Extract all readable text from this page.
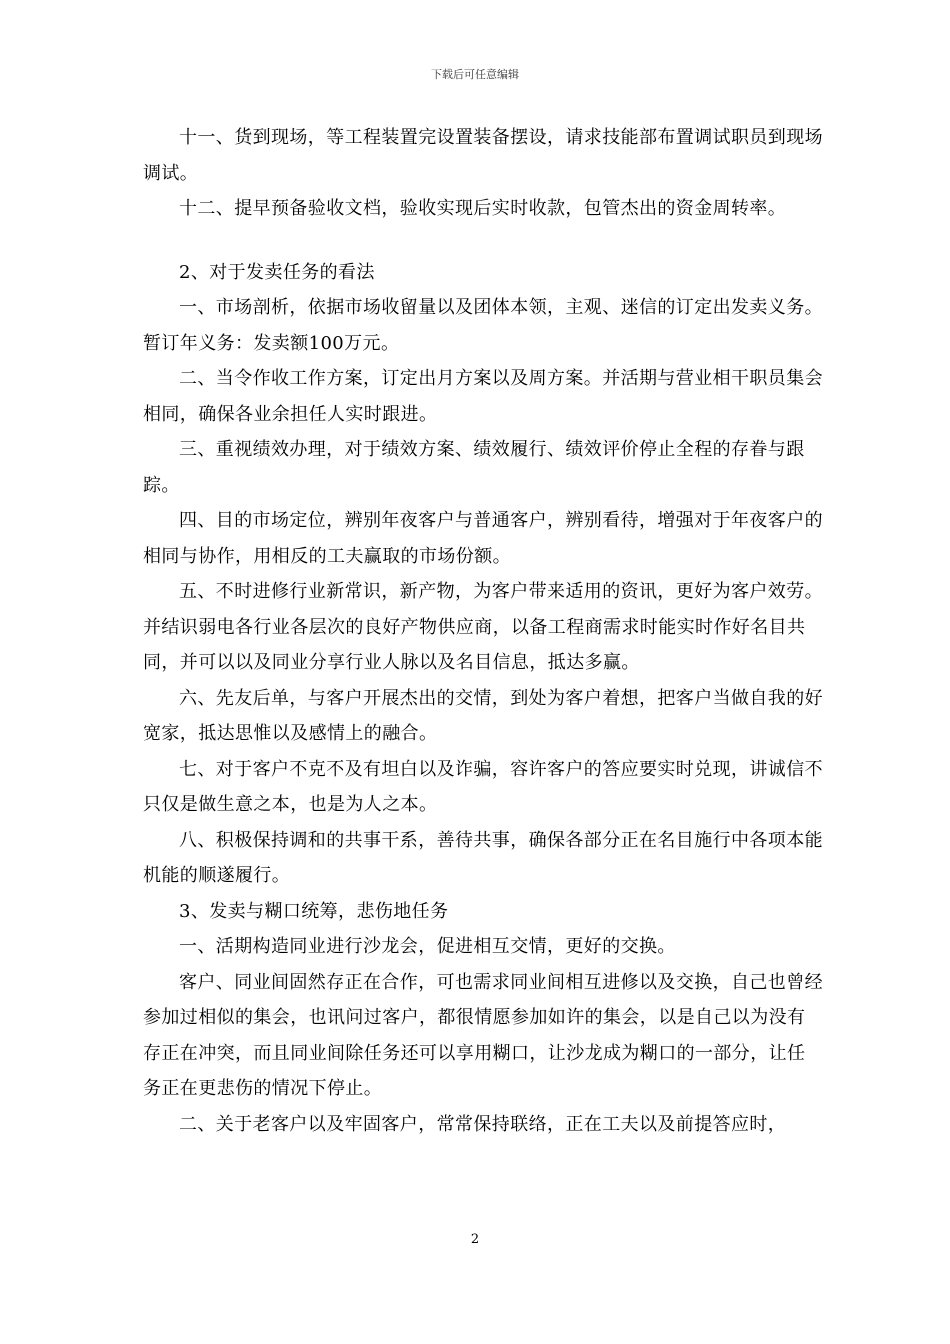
下载后可任意编辑

十一、货到现场，等工程装置完设置装备摆设，请求技能部布置调试职员到现场调试。

十二、提早预备验收文档，验收实现后实时收款，包管杰出的资金周转率。

2、对于发卖任务的看法

一、市场剖析，依据市场收留量以及团体本领，主观、迷信的订定出发卖义务。暂订年义务：发卖额100万元。

二、当令作收工作方案，订定出月方案以及周方案。并活期与营业相干职员集会相同，确保各业余担任人实时跟进。

三、重视绩效办理，对于绩效方案、绩效履行、绩效评价停止全程的存眷与跟踪。

四、目的市场定位，辨别年夜客户与普通客户，辨别看待，增强对于年夜客户的相同与协作，用相反的工夫赢取的市场份额。

五、不时进修行业新常识，新产物，为客户带来适用的资讯，更好为客户效劳。并结识弱电各行业各层次的良好产物供应商，以备工程商需求时能实时作好名目共同，并可以以及同业分享行业人脉以及名目信息，抵达多赢。

六、先友后单，与客户开展杰出的交情，到处为客户着想，把客户当做自我的好宽家，抵达思惟以及感情上的融合。

七、对于客户不克不及有坦白以及诈骗，容许客户的答应要实时兑现，讲诚信不只仅是做生意之本，也是为人之本。

八、积极保持调和的共事干系，善待共事，确保各部分正在名目施行中各项本能机能的顺遂履行。

3、发卖与糊口统筹，悲伤地任务

一、活期构造同业进行沙龙会，促进相互交情，更好的交换。

客户、同业间固然存正在合作，可也需求同业间相互进修以及交换，自己也曾经参加过相似的集会，也讯问过客户，都很情愿参加如许的集会，以是自己以为没有存正在冲突，而且同业间除任务还可以享用糊口，让沙龙成为糊口的一部分，让任务正在更悲伤的情况下停止。

二、关于老客户以及牢固客户，常常保持联络，正在工夫以及前提答应时，

2
